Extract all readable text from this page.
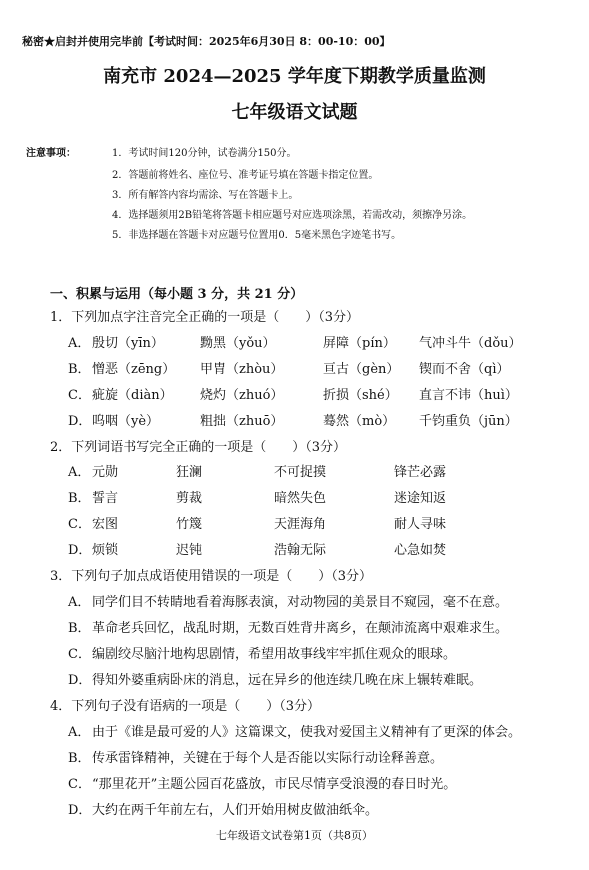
秘密★启封并使用完毕前【考试时间：2025年6月30日 8：00-10：00】
南充市 2024—2025 学年度下期教学质量监测
七年级语文试题
注意事项：	1．考试时间120分钟，试卷满分150分。
2．答题前将姓名、座位号、准考证号填在答题卡指定位置。
3．所有解答内容均需涂、写在答题卡上。
4．选择题须用2B铅笔将答题卡相应题号对应选项涂黑，若需改动，须擦净另涂。
5．非选择题在答题卡对应题号位置用0．5毫米黑色字迹笔书写。
一、积累与运用（每小题 3 分，共 21 分）
1．下列加点字注音完全正确的一项是（　　）（3分）
A． 殷切（yīn）	黝黑（yǒu）	屏障（pín） 气冲斗牛（dǒu）
B． 憎恶（zēng） 甲胄（zhòu）	亘古（gèn） 锲而不舍（qì）
C． 疵旋（diàn） 烧灼（zhuó）	折损（shé） 直言不讳（huì）
D． 呜咽（yè）	粗拙（zhuō）	蓦然（mò） 千钧重负（jūn）
2．下列词语书写完全正确的一项是（　　）（3分）
A． 元勋	狂澜	不可捉摸	锋芒必露
B． 誓言	剪裁	暗然失色	迷途知返
C． 宏图	竹篾	天涯海角	耐人寻味
D． 烦锁	迟钝	浩翰无际	心急如焚
3．下列句子加点成语使用错误的一项是（　　）（3分）
A． 同学们目不转睛地看着海豚表演，对动物园的美景目不窥园，毫不在意。
B． 革命老兵回忆，战乱时期，无数百姓背井离乡，在颠沛流离中艰难求生。
C． 编剧绞尽脑汁地构思剧情，希望用故事线牢牢抓住观众的眼球。
D． 得知外婆重病卧床的消息，远在异乡的他连续几晚在床上辗转难眠。
4．下列句子没有语病的一项是（　　）（3分）
A． 由于《谁是最可爱的人》这篇课文，使我对爱国主义精神有了更深的体会。
B． 传承雷锋精神，关键在于每个人是否能以实际行动诠释善意。
C． “那里花开”主题公园百花盛放，市民尽情享受浪漫的春日时光。
D． 大约在两千年前左右，人们开始用树皮做油纸伞。
七年级语文试卷第1页（共8页）
